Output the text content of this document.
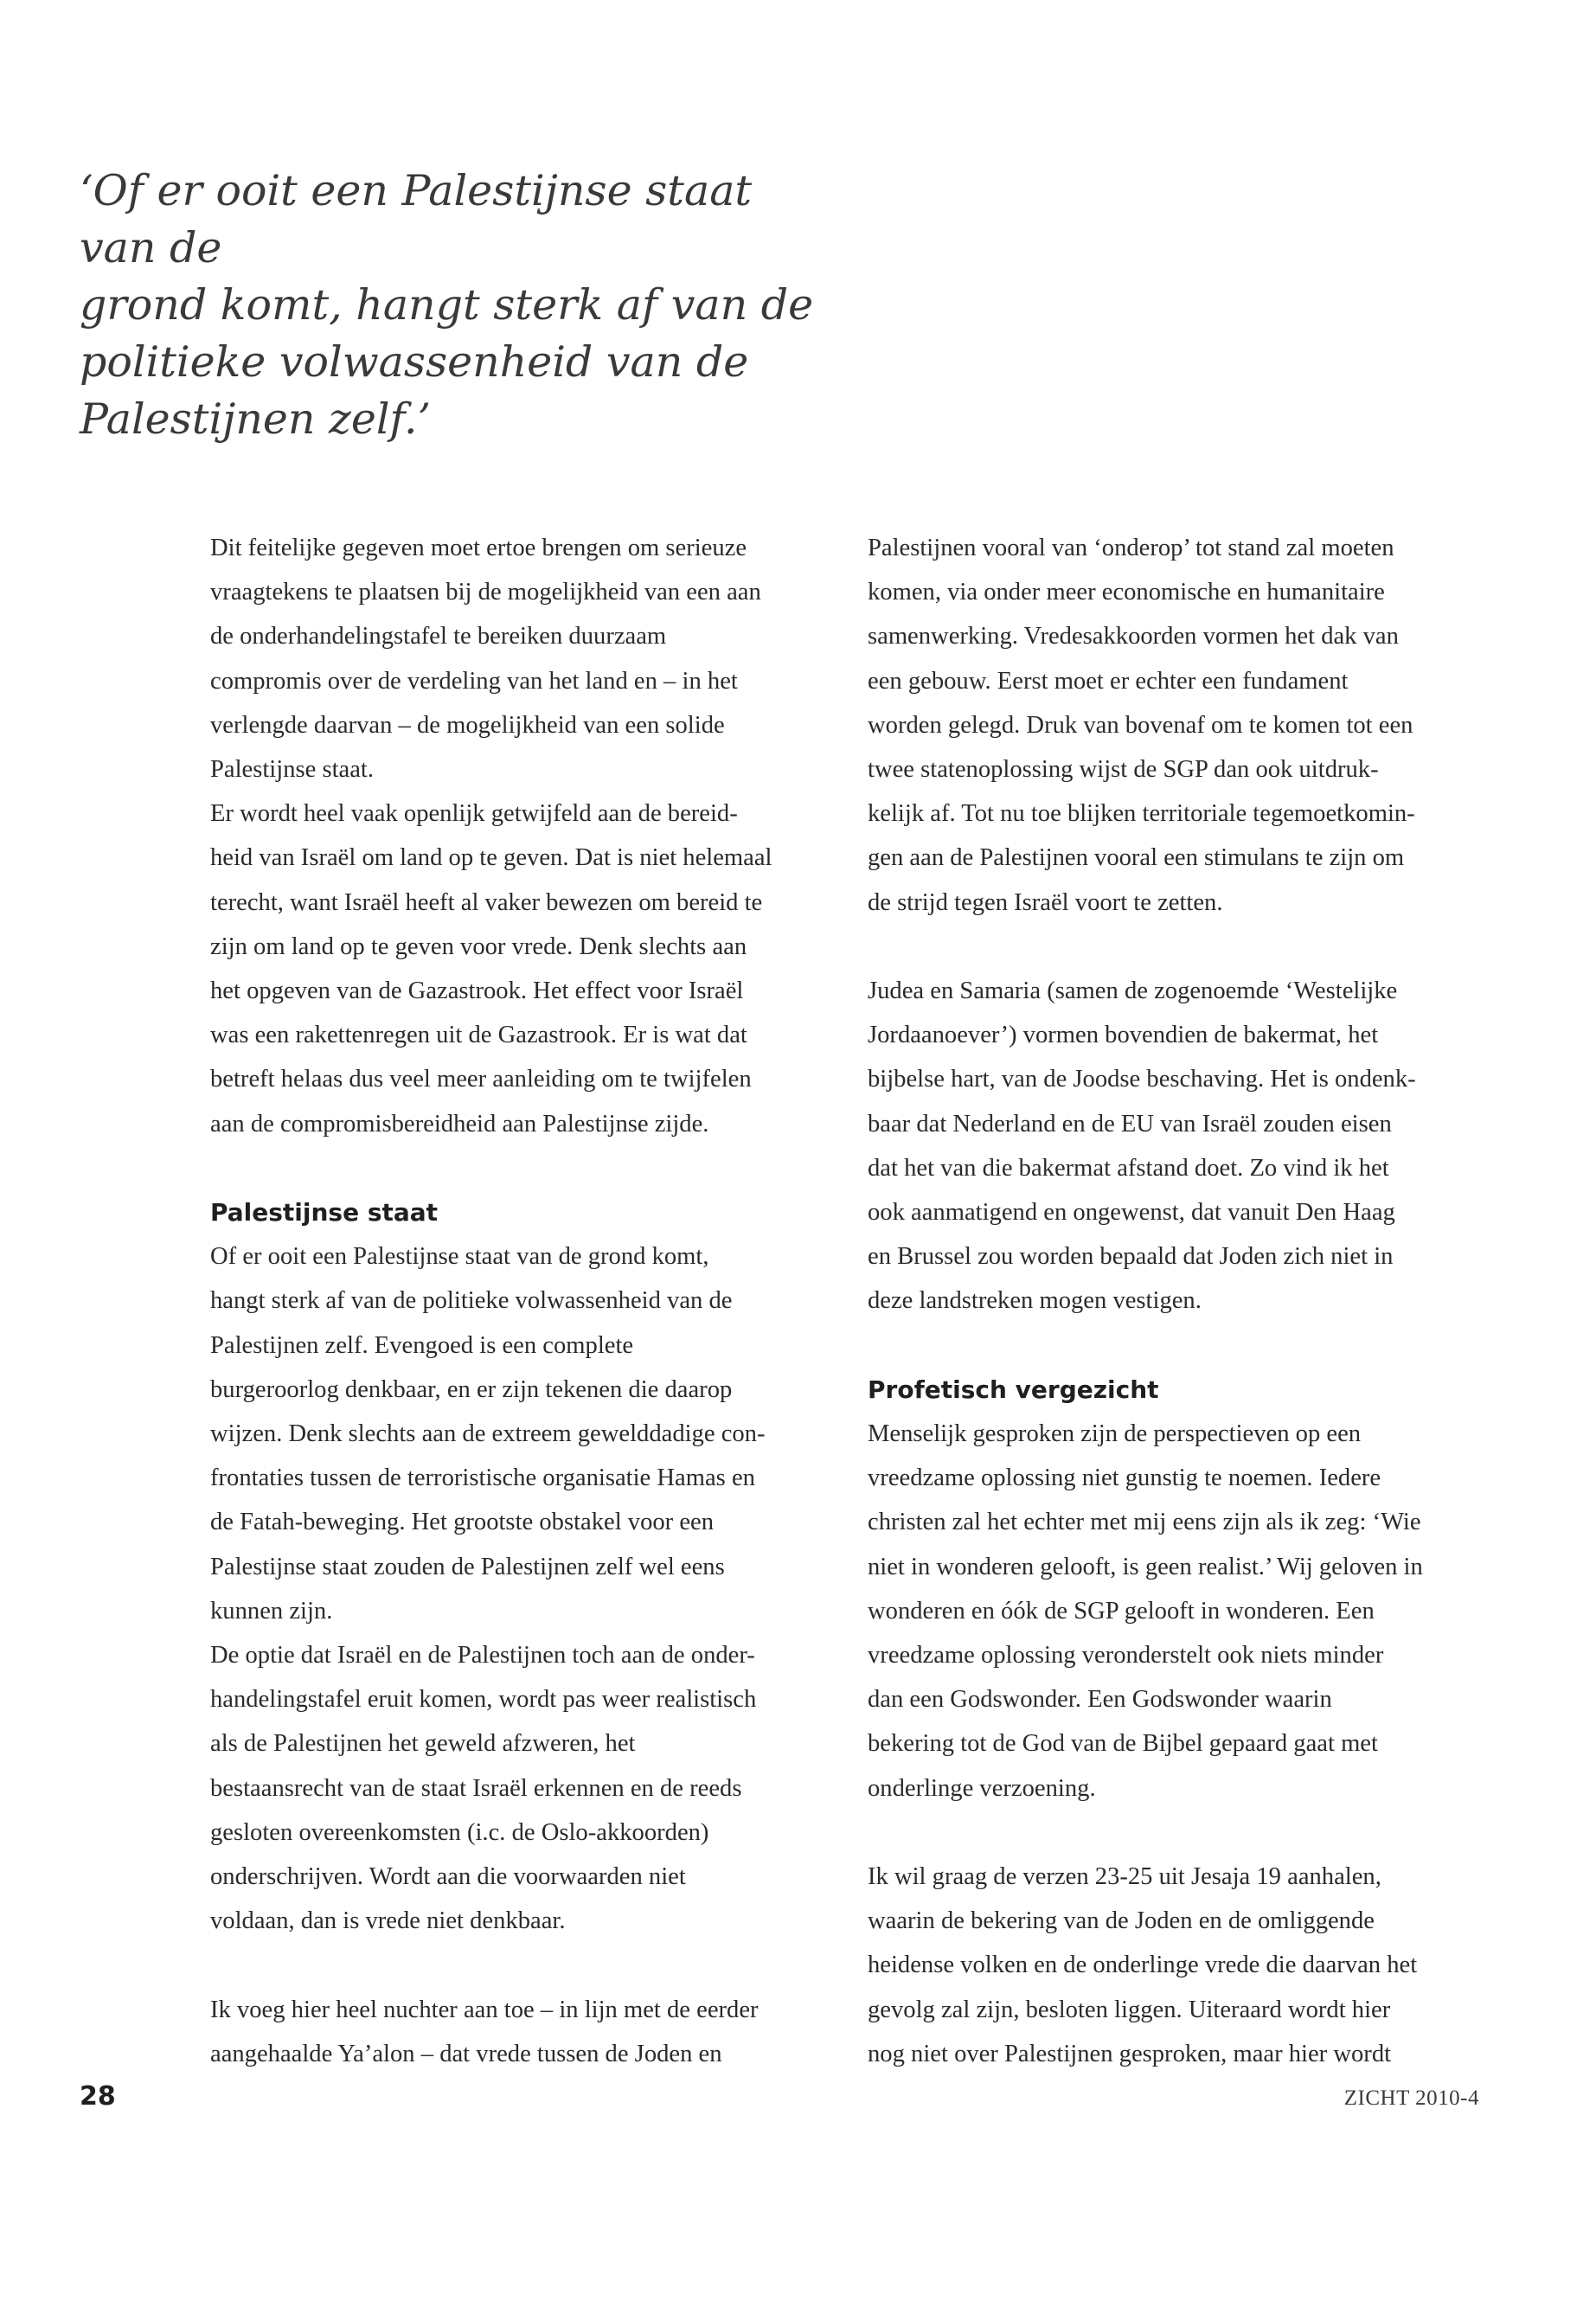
‘Of er ooit een Palestijnse staat van de
grond komt, hangt sterk af van de
politieke volwassenheid van de
Palestijnen zelf.’

Dit feitelijke gegeven moet ertoe brengen om serieuze
vraagtekens te plaatsen bij de mogelijkheid van een aan
de onderhandelingstafel te bereiken duurzaam
compromis over de verdeling van het land en – in het
verlengde daarvan – de mogelijkheid van een solide
Palestijnse staat.

Er wordt heel vaak openlijk getwijfeld aan de bereid-
heid van Israël om land op te geven. Dat is niet helemaal
terecht, want Israël heeft al vaker bewezen om bereid te
zijn om land op te geven voor vrede. Denk slechts aan
het opgeven van de Gazastrook. Het effect voor Israël
was een rakettenregen uit de Gazastrook. Er is wat dat
betreft helaas dus veel meer aanleiding om te twijfelen
aan de compromisbereidheid aan Palestijnse zijde.

Palestijnse staat

Of er ooit een Palestijnse staat van de grond komt,
hangt sterk af van de politieke volwassenheid van de
Palestijnen zelf. Evengoed is een complete
burgeroorlog denkbaar, en er zijn tekenen die daarop
wijzen. Denk slechts aan de extreem gewelddadige con-
frontaties tussen de terroristische organisatie Hamas en
de Fatah-beweging. Het grootste obstakel voor een
Palestijnse staat zouden de Palestijnen zelf wel eens
kunnen zijn.

De optie dat Israël en de Palestijnen toch aan de onder-
handelingstafel eruit komen, wordt pas weer realistisch
als de Palestijnen het geweld afzweren, het
bestaansrecht van de staat Israël erkennen en de reeds
gesloten overeenkomsten (i.c. de Oslo-akkoorden)
onderschrijven. Wordt aan die voorwaarden niet
voldaan, dan is vrede niet denkbaar.

Ik voeg hier heel nuchter aan toe – in lijn met de eerder
aangehaalde Ya’alon – dat vrede tussen de Joden en

Palestijnen vooral van ‘onderop’ tot stand zal moeten
komen, via onder meer economische en humanitaire
samenwerking. Vredesakkoorden vormen het dak van
een gebouw. Eerst moet er echter een fundament
worden gelegd. Druk van bovenaf om te komen tot een
twee statenoplossing wijst de SGP dan ook uitdruk-
kelijk af. Tot nu toe blijken territoriale tegemoetkomin-
gen aan de Palestijnen vooral een stimulans te zijn om
de strijd tegen Israël voort te zetten.

Judea en Samaria (samen de zogenoemde ‘Westelijke
Jordaanoever’) vormen bovendien de bakermat, het
bijbelse hart, van de Joodse beschaving. Het is ondenk-
baar dat Nederland en de EU van Israël zouden eisen
dat het van die bakermat afstand doet. Zo vind ik het
ook aanmatigend en ongewenst, dat vanuit Den Haag
en Brussel zou worden bepaald dat Joden zich niet in
deze landstreken mogen vestigen.

Profetisch vergezicht

Menselijk gesproken zijn de perspectieven op een
vreedzame oplossing niet gunstig te noemen. Iedere
christen zal het echter met mij eens zijn als ik zeg: ‘Wie
niet in wonderen gelooft, is geen realist.’ Wij geloven in
wonderen en óók de SGP gelooft in wonderen. Een
vreedzame oplossing veronderstelt ook niets minder
dan een Godswonder. Een Godswonder waarin
bekering tot de God van de Bijbel gepaard gaat met
onderlinge verzoening.

Ik wil graag de verzen 23-25 uit Jesaja 19 aanhalen,
waarin de bekering van de Joden en de omliggende
heidense volken en de onderlinge vrede die daarvan het
gevolg zal zijn, besloten liggen. Uiteraard wordt hier
nog niet over Palestijnen gesproken, maar hier wordt

28	ZICHT 2010-4
